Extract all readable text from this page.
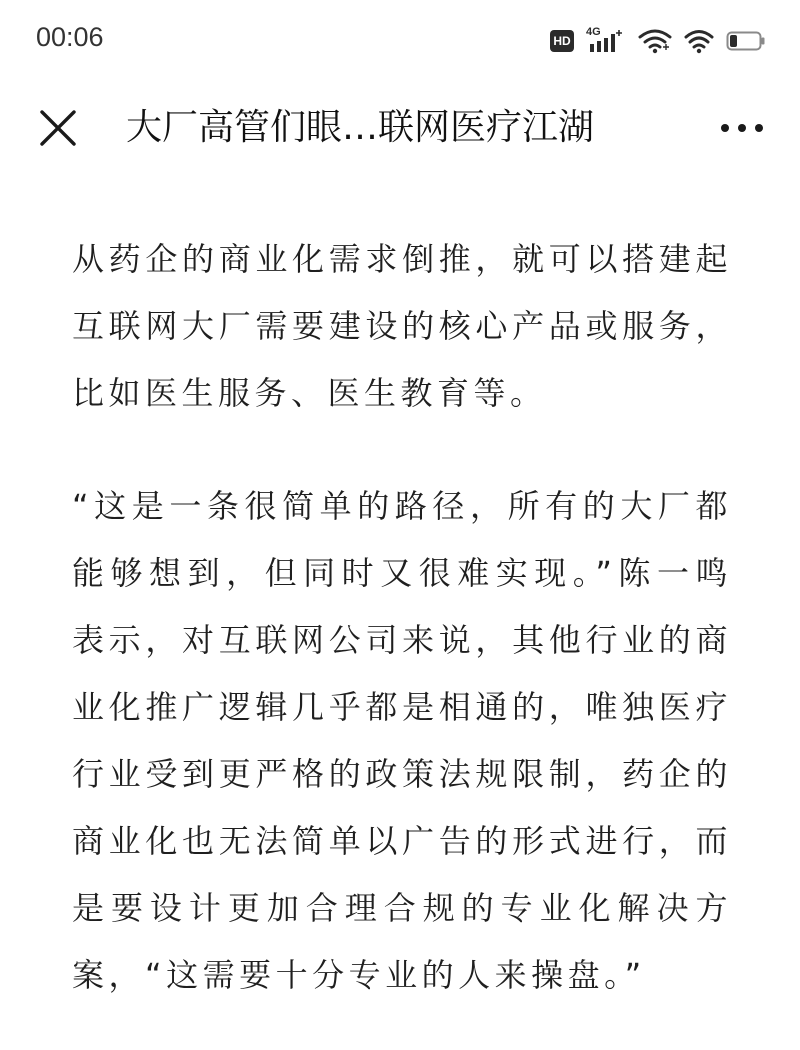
00:06	HD
4G
大厂高管们眼…联网医疗江湖

从药企的商业化需求倒推，就可以搭建起互联网大厂需要建设的核心产品或服务，比如医生服务、医生教育等。

“这是一条很简单的路径，所有的大厂都能够想到，但同时又很难实现。”陈一鸣表示，对互联网公司来说，其他行业的商业化推广逻辑几乎都是相通的，唯独医疗行业受到更严格的政策法规限制，药企的商业化也无法简单以广告的形式进行，而是要设计更加合理合规的专业化解决方案，“这需要十分专业的人来操盘。”
